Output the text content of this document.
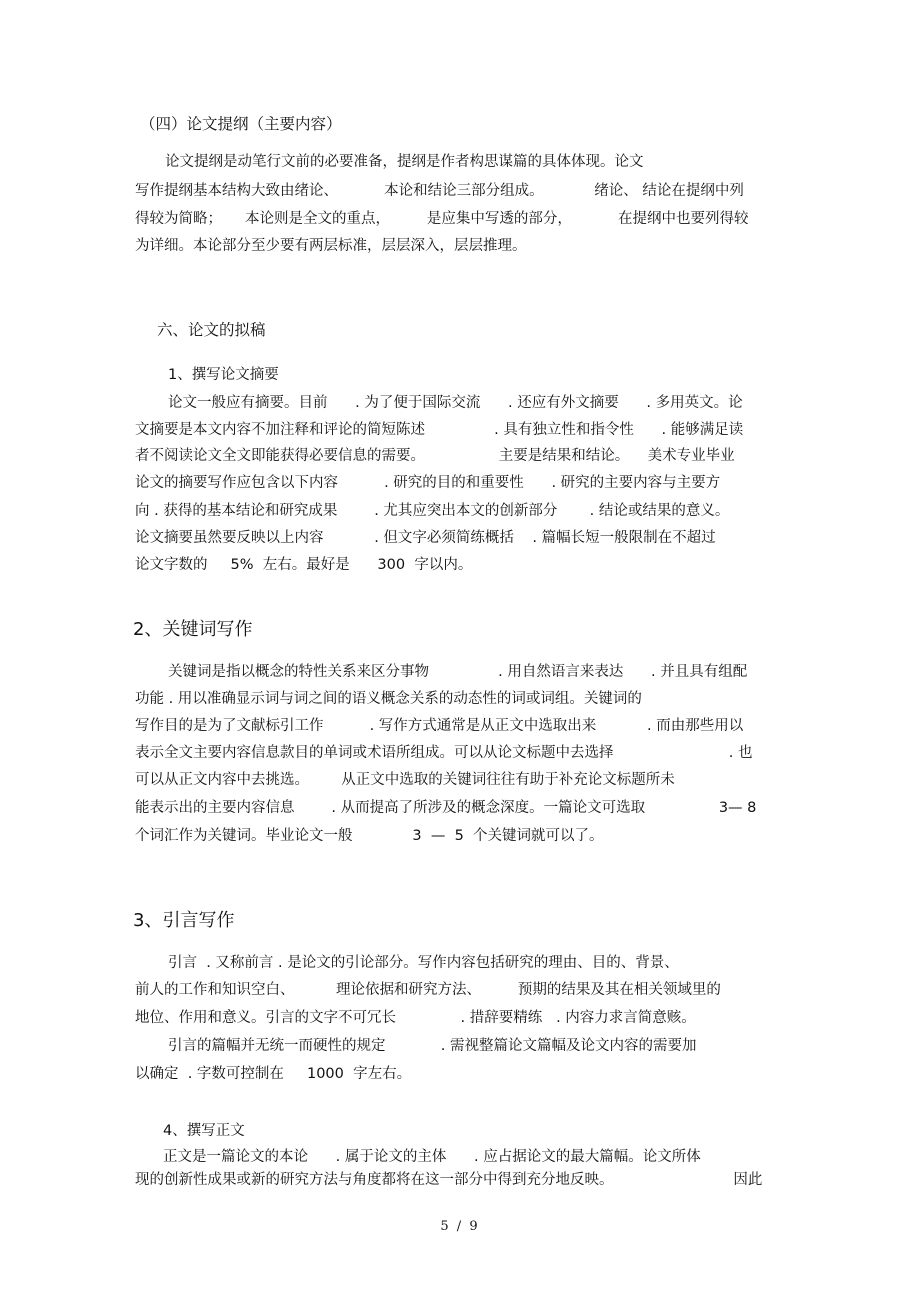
（四）论文提纲（主要内容）
论文提纲是动笔行文前的必要准备，提纲是作者构思谋篇的具体体现。论文
写作提纲基本结构大致由绪论、          本论和结论三部分组成。           绪论、 结论在提纲中列
得较为简略；     本论则是全文的重点，        是应集中写透的部分，          在提纲中也要列得较
为详细。本论部分至少要有两层标准，层层深入，层层推理。
六、论文的拟稿
1、撰写论文摘要
论文一般应有摘要。目前      . 为了便于国际交流      . 还应有外文摘要      . 多用英文。论
文摘要是本文内容不加注释和评论的简短陈述               . 具有独立性和指令性      . 能够满足读
者不阅读论文全文即能获得必要信息的需要。                主要是结果和结论。    美术专业毕业
论文的摘要写作应包含以下内容          . 研究的目的和重要性      . 研究的主要内容与主要方
向 . 获得的基本结论和研究成果        . 尤其应突出本文的创新部分       . 结论或结果的意义。
论文摘要虽然要反映以上内容           . 但文字必须简练概括    . 篇幅长短一般限制在不超过
论文字数的     5%  左右。最好是      300  字以内。
2、关键词写作
关键词是指以概念的特性关系来区分事物               . 用自然语言来表达      . 并且具有组配
功能 . 用以准确显示词与词之间的语义概念关系的动态性的词或词组。关键词的
写作目的是为了文献标引工作          . 写作方式通常是从正文中选取出来           . 而由那些用以
表示全文主要内容信息款目的单词或术语所组成。可以从论文标题中去选择                         . 也
可以从正文内容中去挑选。       从正文中选取的关键词往往有助于补充论文标题所未
能表示出的主要内容信息        . 从而提高了所涉及的概念深度。一篇论文可选取                3— 8
个词汇作为关键词。毕业论文一般             3  —  5  个关键词就可以了。
3、引言写作
引言  . 又称前言 . 是论文的引论部分。写作内容包括研究的理由、目的、背景、
前人的工作和知识空白、         理论依据和研究方法、        预期的结果及其在相关领域里的
地位、作用和意义。引言的文字不可冗长              . 措辞要精练   . 内容力求言简意赅。
引言的篇幅并无统一而硬性的规定            . 需视整篇论文篇幅及论文内容的需要加
以确定  . 字数可控制在     1000  字左右。
4、撰写正文
正文是一篇论文的本论      . 属于论文的主体      . 应占据论文的最大篇幅。论文所体
现的创新性成果或新的研究方法与角度都将在这一部分中得到充分地反映。                          因此
5 / 9
